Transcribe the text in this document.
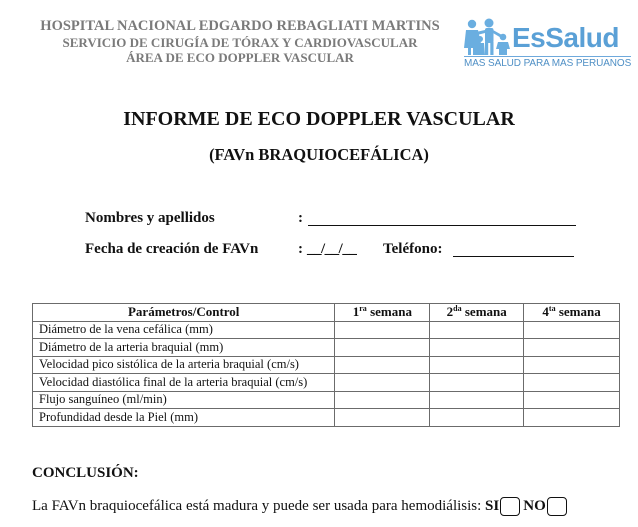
HOSPITAL NACIONAL EDGARDO REBAGLIATI MARTINS
SERVICIO DE CIRUGÍA DE TÓRAX Y CARDIOVASCULAR
ÁREA DE ECO DOPPLER VASCULAR
EsSalud
MAS SALUD PARA MAS PERUANOS
INFORME DE ECO DOPPLER VASCULAR
(FAVn BRAQUIOCEFÁLICA)
Nombres y apellidos	:
Fecha de creación de FAVn	: __/__/__ Teléfono:
Parámetros/Control	$1^{ra}$ semana	$2^{da}$ semana	$4^{ta}$ semana
Diámetro de la vena cefálica (mm)			
Diámetro de la arteria braquial (mm)			
Velocidad pico sistólica de la arteria braquial (cm/s)			
Velocidad diastólica final de la arteria braquial (cm/s)			
Flujo sanguíneo (ml/min)			
Profundidad desde la Piel (mm)			
CONCLUSIÓN:
La FAVn braquiocefálica está madura y puede ser usada para hemodiálisis: SI NO
